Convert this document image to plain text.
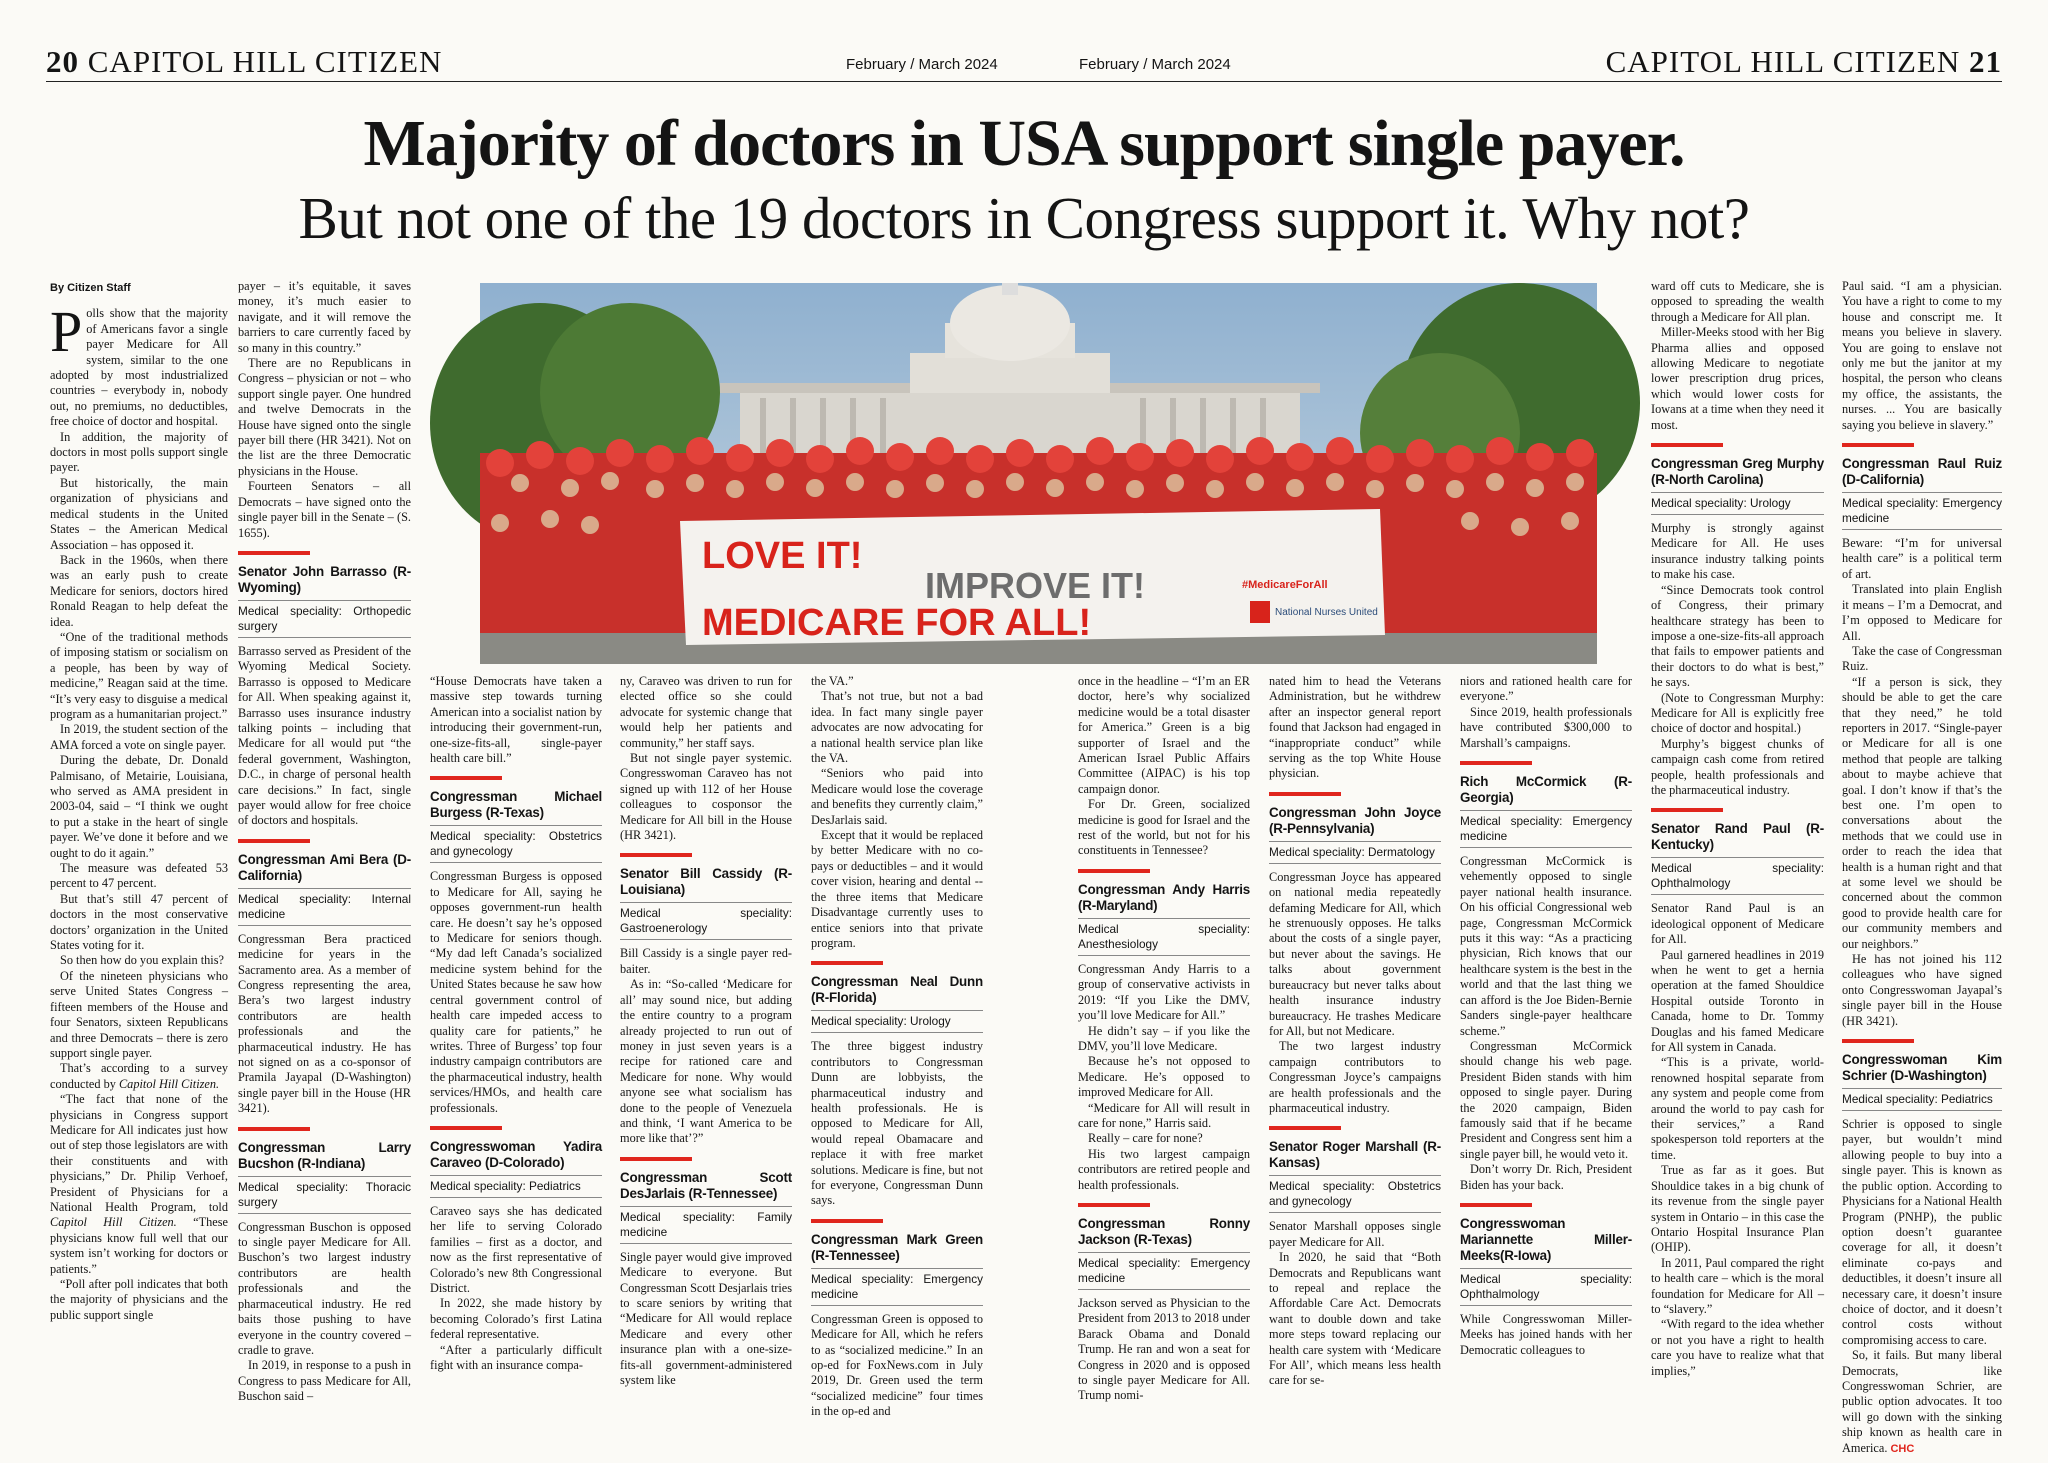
20 CAPITOL HILL CITIZEN	February / March 2024	February / March 2024	CAPITOL HILL CITIZEN 21
Majority of doctors in USA support single payer.
But not one of the 19 doctors in Congress support it. Why not?
LOVE IT!
IMPROVE IT!
MEDICARE FOR ALL!
#MedicareForAll
National Nurses United
By Citizen Staff

Polls show that the majority of Americans favor a single payer Medicare for All system, similar to the one adopted by most industrialized countries – everybody in, nobody out, no premiums, no deductibles, free choice of doctor and hospital.

In addition, the majority of doctors in most polls support single payer.

But historically, the main organization of physicians and medical students in the United States – the American Medical Association – has opposed it.

Back in the 1960s, when there was an early push to create Medicare for seniors, doctors hired Ronald Reagan to help defeat the idea.

“One of the traditional methods of imposing statism or socialism on a people, has been by way of medicine,” Reagan said at the time. “It’s very easy to disguise a medical program as a humanitarian project.”

In 2019, the student section of the AMA forced a vote on single payer.

During the debate, Dr. Donald Palmisano, of Metairie, Louisiana, who served as AMA president in 2003-04, said – “I think we ought to put a stake in the heart of single payer. We’ve done it before and we ought to do it again.”

The measure was defeated 53 percent to 47 percent.

But that’s still 47 percent of doctors in the most conservative doctors’ organization in the United States voting for it.

So then how do you explain this?

Of the nineteen physicians who serve United States Congress – fifteen members of the House and four Senators, sixteen Republicans and three Democrats – there is zero support single payer.

That’s according to a survey conducted by Capitol Hill Citizen.

“The fact that none of the physicians in Congress support Medicare for All indicates just how out of step those legislators are with their constituents and with physicians,” Dr. Philip Verhoef, President of Physicians for a National Health Program, told Capitol Hill Citizen. “These physicians know full well that our system isn’t working for doctors or patients.”

“Poll after poll indicates that both the majority of physicians and the public support single

payer – it’s equitable, it saves money, it’s much easier to navigate, and it will remove the barriers to care currently faced by so many in this country.”

There are no Republicans in Congress – physician or not – who support single payer. One hundred and twelve Democrats in the House have signed onto the single payer bill there (HR 3421). Not on the list are the three Democratic physicians in the House.

Fourteen Senators – all Democrats – have signed onto the single payer bill in the Senate – (S. 1655).

Senator John Barrasso (R-Wyoming)
Medical speciality: Orthopedic surgery

Barrasso served as President of the Wyoming Medical Society. Barrasso is opposed to Medicare for All. When speaking against it, Barrasso uses insurance industry talking points – including that Medicare for all would put “the federal government, Washington, D.C., in charge of personal health care decisions.” In fact, single payer would allow for free choice of doctors and hospitals.

Congressman Ami Bera (D-California)
Medical speciality: Internal medicine

Congressman Bera practiced medicine for years in the Sacramento area. As a member of Congress representing the area, Bera’s two largest industry contributors are health professionals and the pharmaceutical industry. He has not signed on as a co-sponsor of Pramila Jayapal (D-Washington) single payer bill in the House (HR 3421).

Congressman Larry Bucshon (R-Indiana)
Medical speciality: Thoracic surgery

Congressman Buschon is opposed to single payer Medicare for All. Buschon’s two largest industry contributors are health professionals and the pharmaceutical industry. He red baits those pushing to have everyone in the country covered – cradle to grave.

In 2019, in response to a push in Congress to pass Medicare for All, Buschon said –

“House Democrats have taken a massive step towards turning American into a socialist nation by introducing their government-run, one-size-fits-all, single-payer health care bill.”

Congressman Michael Burgess (R-Texas)
Medical speciality: Obstetrics and gynecology

Congressman Burgess is opposed to Medicare for All, saying he opposes government-run health care. He doesn’t say he’s opposed to Medicare for seniors though. “My dad left Canada’s socialized medicine system behind for the United States because he saw how central government control of health care impeded access to quality care for patients,” he writes. Three of Burgess’ top four industry campaign contributors are the pharmaceutical industry, health services/HMOs, and health care professionals.

Congresswoman Yadira Caraveo (D-Colorado)
Medical speciality: Pediatrics

Caraveo says she has dedicated her life to serving Colorado families – first as a doctor, and now as the first representative of Colorado’s new 8th Congressional District.

In 2022, she made history by becoming Colorado’s first Latina federal representative.

“After a particularly difficult fight with an insurance compa-

ny, Caraveo was driven to run for elected office so she could advocate for systemic change that would help her patients and community,” her staff says.

But not single payer systemic. Congresswoman Caraveo has not signed up with 112 of her House colleagues to cosponsor the Medicare for All bill in the House (HR 3421).

Senator Bill Cassidy (R-Louisiana)
Medical speciality: Gastroenerology

Bill Cassidy is a single payer red-baiter.

As in: “So-called ‘Medicare for all’ may sound nice, but adding the entire country to a program already projected to run out of money in just seven years is a recipe for rationed care and Medicare for none. Why would anyone see what socialism has done to the people of Venezuela and think, ‘I want America to be more like that’?”

Congressman Scott DesJarlais (R-Tennessee)
Medical speciality: Family medicine

Single payer would give improved Medicare to everyone. But Congressman Scott Desjarlais tries to scare seniors by writing that “Medicare for All would replace Medicare and every other insurance plan with a one-size-fits-all government-administered system like

the VA.”

That’s not true, but not a bad idea. In fact many single payer advocates are now advocating for a national health service plan like the VA.

“Seniors who paid into Medicare would lose the coverage and benefits they currently claim,” DesJarlais said.

Except that it would be replaced by better Medicare with no co-pays or deductibles – and it would cover vision, hearing and dental -- the three items that Medicare Disadvantage currently uses to entice seniors into that private program.

Congressman Neal Dunn (R-Florida)
Medical speciality: Urology

The three biggest industry contributors to Congressman Dunn are lobbyists, the pharmaceutical industry and health professionals. He is opposed to Medicare for All, would repeal Obamacare and replace it with free market solutions. Medicare is fine, but not for everyone, Congressman Dunn says.

Congressman Mark Green (R-Tennessee)
Medical speciality: Emergency medicine

Congressman Green is opposed to Medicare for All, which he refers to as “socialized medicine.” In an op-ed for FoxNews.com in July 2019, Dr. Green used the term “socialized medicine” four times in the op-ed and

once in the headline – “I’m an ER doctor, here’s why socialized medicine would be a total disaster for America.” Green is a big supporter of Israel and the American Israel Public Affairs Committee (AIPAC) is his top campaign donor.

For Dr. Green, socialized medicine is good for Israel and the rest of the world, but not for his constituents in Tennessee?

Congressman Andy Harris (R-Maryland)
Medical speciality: Anesthesiology

Congressman Andy Harris to a group of conservative activists in 2019: “If you Like the DMV, you’ll love Medicare for All.”

He didn’t say – if you like the DMV, you’ll love Medicare.

Because he’s not opposed to Medicare. He’s opposed to improved Medicare for All.

“Medicare for All will result in care for none,” Harris said.

Really – care for none?

His two largest campaign contributors are retired people and health professionals.

Congressman Ronny Jackson (R-Texas)
Medical speciality: Emergency medicine

Jackson served as Physician to the President from 2013 to 2018 under Barack Obama and Donald Trump. He ran and won a seat for Congress in 2020 and is opposed to single payer Medicare for All. Trump nomi-

nated him to head the Veterans Administration, but he withdrew after an inspector general report found that Jackson had engaged in “inappropriate conduct” while serving as the top White House physician.

Congressman John Joyce (R-Pennsylvania)
Medical speciality: Dermatology

Congressman Joyce has appeared on national media repeatedly defaming Medicare for All, which he strenuously opposes. He talks about the costs of a single payer, but never about the savings. He talks about government bureaucracy but never talks about health insurance industry bureaucracy. He trashes Medicare for All, but not Medicare.

The two largest industry campaign contributors to Congressman Joyce’s campaigns are health professionals and the pharmaceutical industry.

Senator Roger Marshall (R-Kansas)
Medical speciality: Obstetrics and gynecology

Senator Marshall opposes single payer Medicare for All.

In 2020, he said that “Both Democrats and Republicans want to repeal and replace the Affordable Care Act. Democrats want to double down and take more steps toward replacing our health care system with ‘Medicare For All’, which means less health care for se-

niors and rationed health care for everyone.”

Since 2019, health professionals have contributed $300,000 to Marshall’s campaigns.

Rich McCormick (R-Georgia)
Medical speciality: Emergency medicine

Congressman McCormick is vehemently opposed to single payer national health insurance. On his official Congressional web page, Congressman McCormick puts it this way: “As a practicing physician, Rich knows that our healthcare system is the best in the world and that the last thing we can afford is the Joe Biden-Bernie Sanders single-payer healthcare scheme.”

Congressman McCormick should change his web page. President Biden stands with him opposed to single payer. During the 2020 campaign, Biden famously said that if he became President and Congress sent him a single payer bill, he would veto it.

Don’t worry Dr. Rich, President Biden has your back.

Congresswoman Mariannette Miller-Meeks(R-Iowa)
Medical speciality: Ophthalmology

While Congresswoman Miller-Meeks has joined hands with her Democratic colleagues to

ward off cuts to Medicare, she is opposed to spreading the wealth through a Medicare for All plan.

Miller-Meeks stood with her Big Pharma allies and opposed allowing Medicare to negotiate lower prescription drug prices, which would lower costs for Iowans at a time when they need it most.

Congressman Greg Murphy (R-North Carolina)
Medical speciality: Urology

Murphy is strongly against Medicare for All. He uses insurance industry talking points to make his case.

“Since Democrats took control of Congress, their primary healthcare strategy has been to impose a one-size-fits-all approach that fails to empower patients and their doctors to do what is best,” he says.

(Note to Congressman Murphy: Medicare for All is explicitly free choice of doctor and hospital.)

Murphy’s biggest chunks of campaign cash come from retired people, health professionals and the pharmaceutical industry.

Senator Rand Paul (R-Kentucky)
Medical speciality: Ophthalmology

Senator Rand Paul is an ideological opponent of Medicare for All.

Paul garnered headlines in 2019 when he went to get a hernia operation at the famed Shouldice Hospital outside Toronto in Canada, home to Dr. Tommy Douglas and his famed Medicare for All system in Canada.

“This is a private, world-renowned hospital separate from any system and people come from around the world to pay cash for their services,” a Rand spokesperson told reporters at the time.

True as far as it goes. But Shouldice takes in a big chunk of its revenue from the single payer system in Ontario – in this case the Ontario Hospital Insurance Plan (OHIP).

In 2011, Paul compared the right to health care – which is the moral foundation for Medicare for All – to “slavery.”

“With regard to the idea whether or not you have a right to health care you have to realize what that implies,”

Paul said. “I am a physician. You have a right to come to my house and conscript me. It means you believe in slavery. You are going to enslave not only me but the janitor at my hospital, the person who cleans my office, the assistants, the nurses. ... You are basically saying you believe in slavery.”

Congressman Raul Ruiz (D-California)
Medical speciality: Emergency medicine

Beware: “I’m for universal health care” is a political term of art.

Translated into plain English it means – I’m a Democrat, and I’m opposed to Medicare for All.

Take the case of Congressman Ruiz.

“If a person is sick, they should be able to get the care that they need,” he told reporters in 2017. “Single-payer or Medicare for all is one method that people are talking about to maybe achieve that goal. I don’t know if that’s the best one. I’m open to conversations about the methods that we could use in order to reach the idea that health is a human right and that at some level we should be concerned about the common good to provide health care for our community members and our neighbors.”

He has not joined his 112 colleagues who have signed onto Congresswoman Jayapal’s single payer bill in the House (HR 3421).

Congresswoman Kim Schrier (D-Washington)
Medical speciality: Pediatrics

Schrier is opposed to single payer, but wouldn’t mind allowing people to buy into a single payer. This is known as the public option. According to Physicians for a National Health Program (PNHP), the public option doesn’t guarantee coverage for all, it doesn’t eliminate co-pays and deductibles, it doesn’t insure all necessary care, it doesn’t insure choice of doctor, and it doesn’t control costs without compromising access to care.

So, it fails. But many liberal Democrats, like Congresswoman Schrier, are public option advocates. It too will go down with the sinking ship known as health care in America. CHC
